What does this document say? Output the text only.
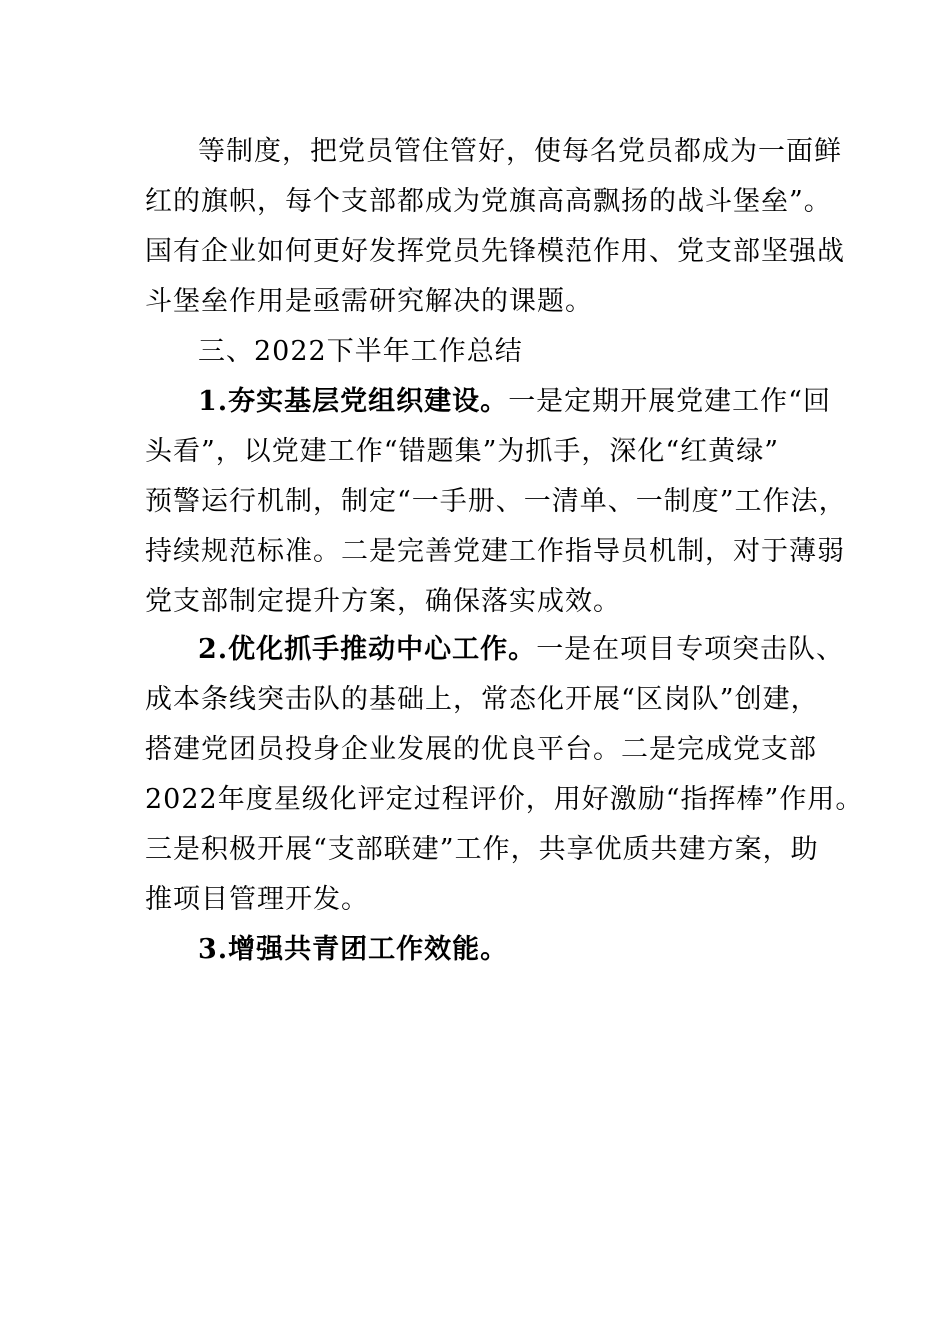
等制度，把党员管住管好，使每名党员都成为一面鲜
红的旗帜，每个支部都成为党旗高高飘扬的战斗堡垒”。
国有企业如何更好发挥党员先锋模范作用、党支部坚强战
斗堡垒作用是亟需研究解决的课题。
三、2022下半年工作总结
1.夯实基层党组织建设。一是定期开展党建工作“回
头看”，以党建工作“错题集”为抓手，深化“红黄绿”
预警运行机制，制定“一手册、一清单、一制度”工作法，
持续规范标准。二是完善党建工作指导员机制，对于薄弱
党支部制定提升方案，确保落实成效。
2.优化抓手推动中心工作。一是在项目专项突击队、
成本条线突击队的基础上，常态化开展“区岗队”创建，
搭建党团员投身企业发展的优良平台。二是完成党支部
2022年度星级化评定过程评价，用好激励“指挥棒”作用。
三是积极开展“支部联建”工作，共享优质共建方案，助
推项目管理开发。
3.增强共青团工作效能。
